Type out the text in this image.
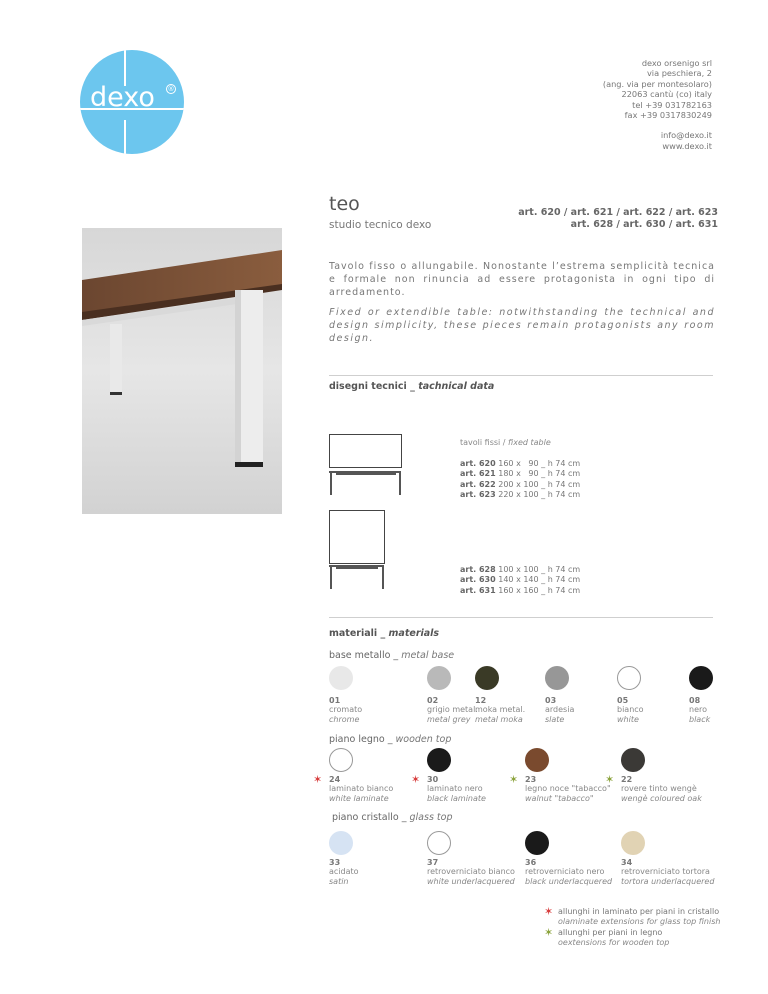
dexo ®
dexo orsenigo srl
via peschiera, 2
(ang. via per montesolaro)
22063 cantù (co) italy
tel +39 031782163
fax +39 0317830249
info@dexo.it
www.dexo.it
teo
studio tecnico dexo
art. 620 / art. 621 / art. 622 / art. 623
art. 628 / art. 630 / art. 631
Tavolo fisso o allungabile. Nonostante l’estrema semplicità tecnica e formale non rinuncia ad essere protagonista in ogni tipo di arredamento.
Fixed or extendible table: notwithstanding the technical and design simplicity, these pieces remain protagonists any room design.
disegni tecnici _ tachnical data
tavoli fissi / fixed table
art. 620 160 x   90 _ h 74 cm
art. 621 180 x   90 _ h 74 cm
art. 622 200 x 100 _ h 74 cm
art. 623 220 x 100 _ h 74 cm
art. 628 100 x 100 _ h 74 cm
art. 630 140 x 140 _ h 74 cm
art. 631 160 x 160 _ h 74 cm
materiali _ materials
base metallo _ metal base
01
cromato
chrome
02
grigio metal.
metal grey
12
moka metal.
metal moka
03
ardesia
slate
05
bianco
white
08
nero
black
piano legno _ wooden top
✶ 24
laminato bianco
white laminate
✶ 30
laminato nero
black laminate
✶ 23
legno noce "tabacco"
walnut "tabacco"
✶ 22
rovere tinto wengè
wengè coloured oak
piano cristallo _ glass top
33
acidato
satin
37
retroverniciato bianco
white underlacquered
36
retroverniciato nero
black underlacquered
34
retroverniciato tortora
tortora underlacquered
✶ allunghi in laminato per piani in cristallo
olaminate extensions for glass top finish
✶ allunghi per piani in legno
oextensions for wooden top
